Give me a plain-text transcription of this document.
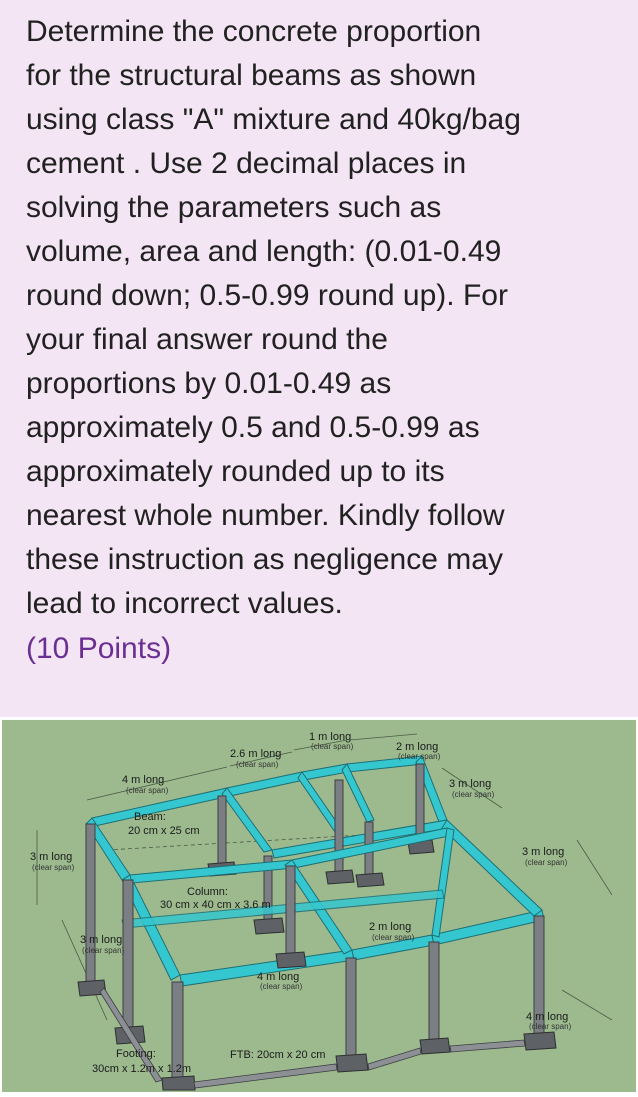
Determine the concrete proportion
for the structural beams as shown
using class "A" mixture and 40kg/bag
cement . Use 2 decimal places in
solving the parameters such as
volume, area and length: (0.01-0.49
round down; 0.5-0.99 round up). For
your final answer round the
proportions by 0.01-0.49 as
approximately 0.5 and 0.5-0.99 as
approximately rounded up to its
nearest whole number. Kindly follow
these instruction as negligence may
lead to incorrect values.
(10 Points)
4 m long
(clear span)
2.6 m long
(clear span)
1 m long
(clear span)	2 m long
(clear span)
3 m long
(clear span)
Beam:
20 cm x 25 cm
3 m long
(clear span)
3 m long
(clear span)
Column:
30 cm x 40 cm x 3.6 m
3 m long
(clear span)
2 m long
(clear span)
4 m long
(clear span)
4 m long
(clear span)
Footing:
30cm x 1.2m x 1.2m
FTB: 20cm x 20 cm
